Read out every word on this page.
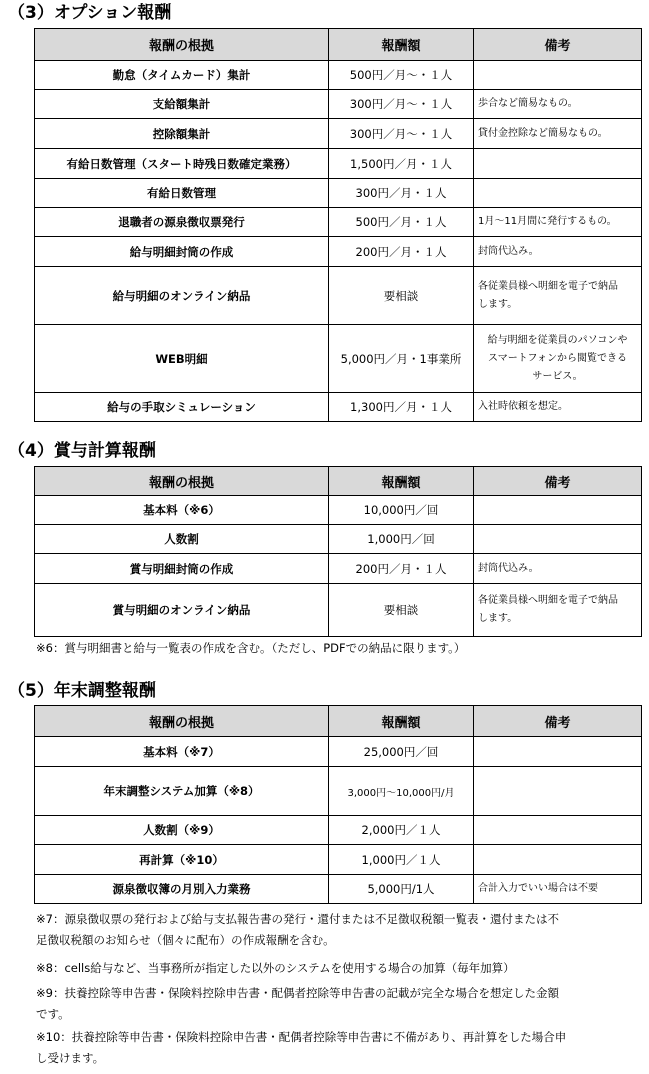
（3）オプション報酬
報酬の根拠	報酬額	備考
勤怠（タイムカード）集計	500円／月～・１人	
支給額集計	300円／月～・１人	歩合など簡易なもの。
控除額集計	300円／月～・１人	貸付金控除など簡易なもの。
有給日数管理（スタート時残日数確定業務）	1,500円／月・１人	
有給日数管理	300円／月・１人	
退職者の源泉徴収票発行	500円／月・１人	1月～11月間に発行するもの。
給与明細封筒の作成	200円／月・１人	封筒代込み。
給与明細のオンライン納品	要相談	各従業員様へ明細を電子で納品
します。

WEB明細	5,000円／月・1事業所	給与明細を従業員のパソコンや
スマートフォンから閲覧できる
サービス。

給与の手取シミュレーション	1,300円／月・１人	入社時依頼を想定。
（4）賞与計算報酬
報酬の根拠	報酬額	備考
基本料（※6）	10,000円／回	
人数割	1,000円／回	
賞与明細封筒の作成	200円／月・１人	封筒代込み。
賞与明細のオンライン納品	要相談	各従業員様へ明細を電子で納品
します。
※6：賞与明細書と給与一覧表の作成を含む。（ただし、PDFでの納品に限ります。）
（5）年末調整報酬
報酬の根拠	報酬額	備考
基本料（※7）	25,000円／回	
年末調整システム加算（※8）	3,000円～10,000円/月	
人数割（※9）	2,000円／１人	
再計算（※10）	1,000円／１人	
源泉徴収簿の月別入力業務	5,000円/1人	合計入力でいい場合は不要
※7：源泉徴収票の発行および給与支払報告書の発行・還付または不足徴収税額一覧表・還付または不
足徴収税額のお知らせ（個々に配布）の作成報酬を含む。
※8：cells給与など、当事務所が指定した以外のシステムを使用する場合の加算（毎年加算）
※9：扶養控除等申告書・保険料控除申告書・配偶者控除等申告書の記載が完全な場合を想定した金額
です。
※10：扶養控除等申告書・保険料控除申告書・配偶者控除等申告書に不備があり、再計算をした場合申
し受けます。
